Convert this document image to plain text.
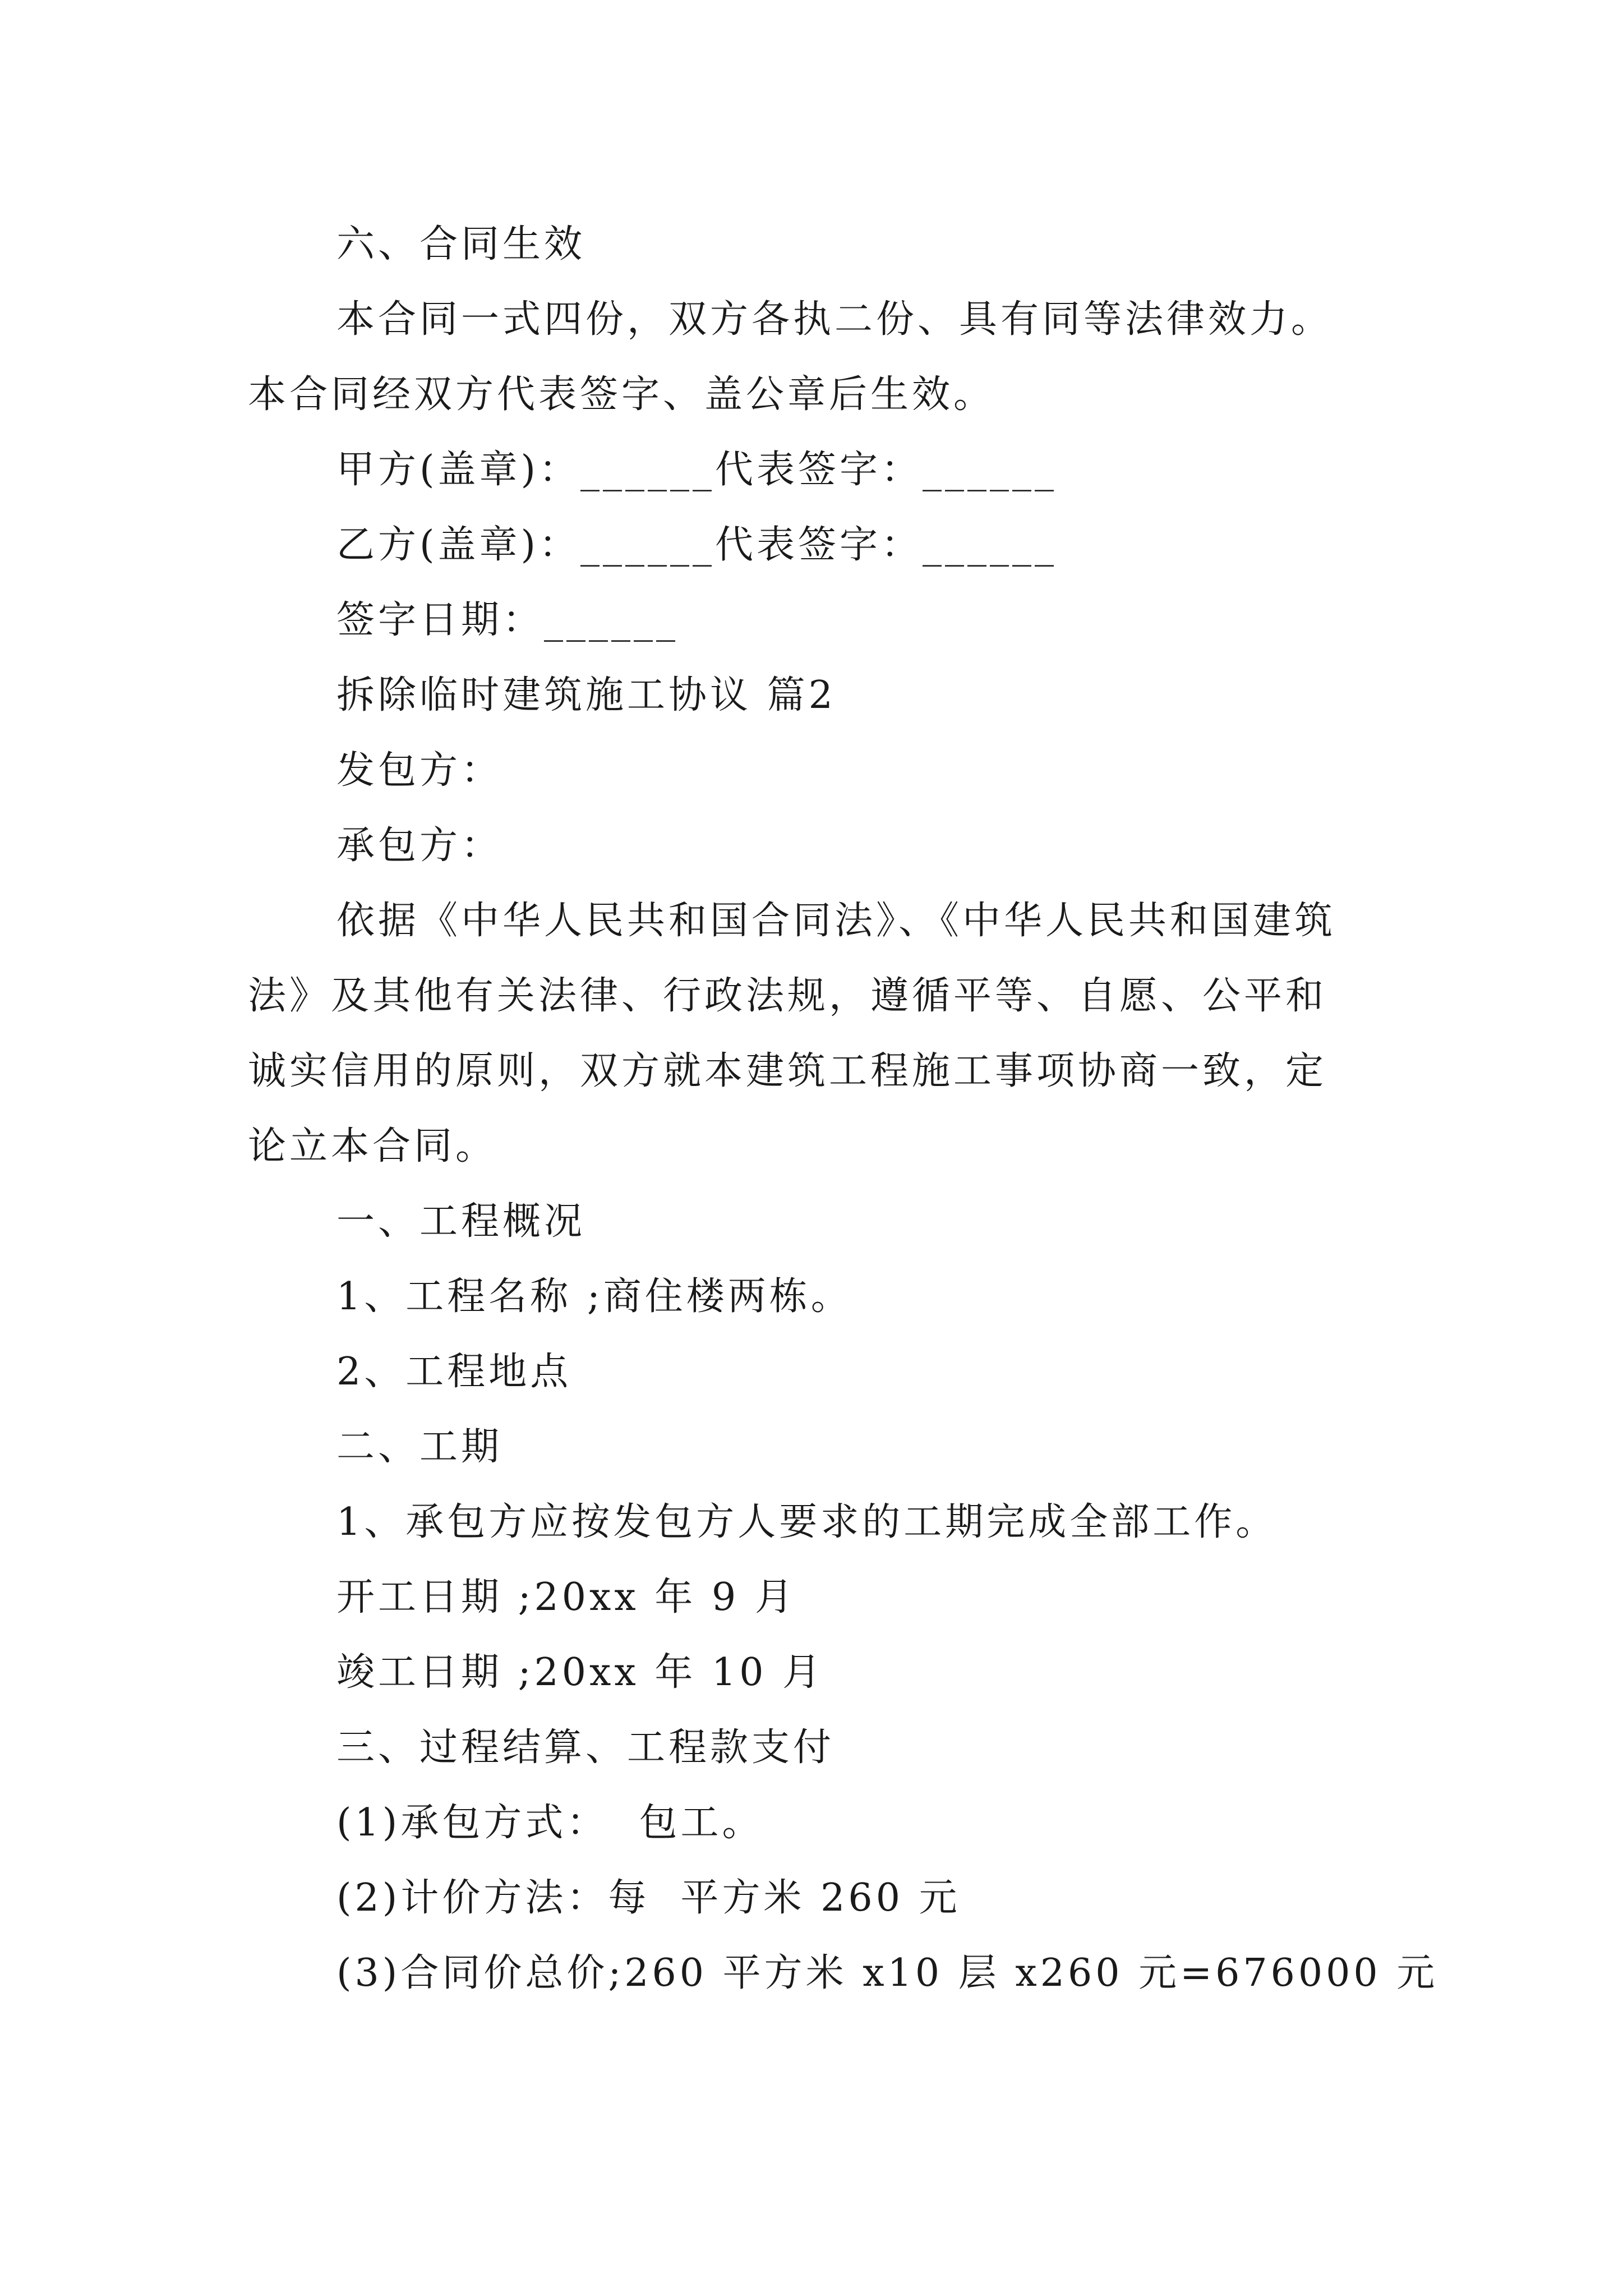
六、合同生效
本合同一式四份，双方各执二份、具有同等法律效力。
本合同经双方代表签字、盖公章后生效。
甲方(盖章)：______代表签字：______
乙方(盖章)：______代表签字：______
签字日期：______
拆除临时建筑施工协议 篇2
发包方：
承包方：
依据《中华人民共和国合同法》、《中华人民共和国建筑
法》及其他有关法律、行政法规，遵循平等、自愿、公平和
诚实信用的原则，双方就本建筑工程施工事项协商一致，定
论立本合同。
一、工程概况
1、工程名称 ;商住楼两栋。
2、工程地点
二、工期
1、承包方应按发包方人要求的工期完成全部工作。
开工日期 ;20xx 年 9 月
竣工日期 ;20xx 年 10 月
三、过程结算、工程款支付
(1)承包方式：  包工。
(2)计价方法：每  平方米 260 元
(3)合同价总价;260 平方米 x10 层 x260 元=676000 元
